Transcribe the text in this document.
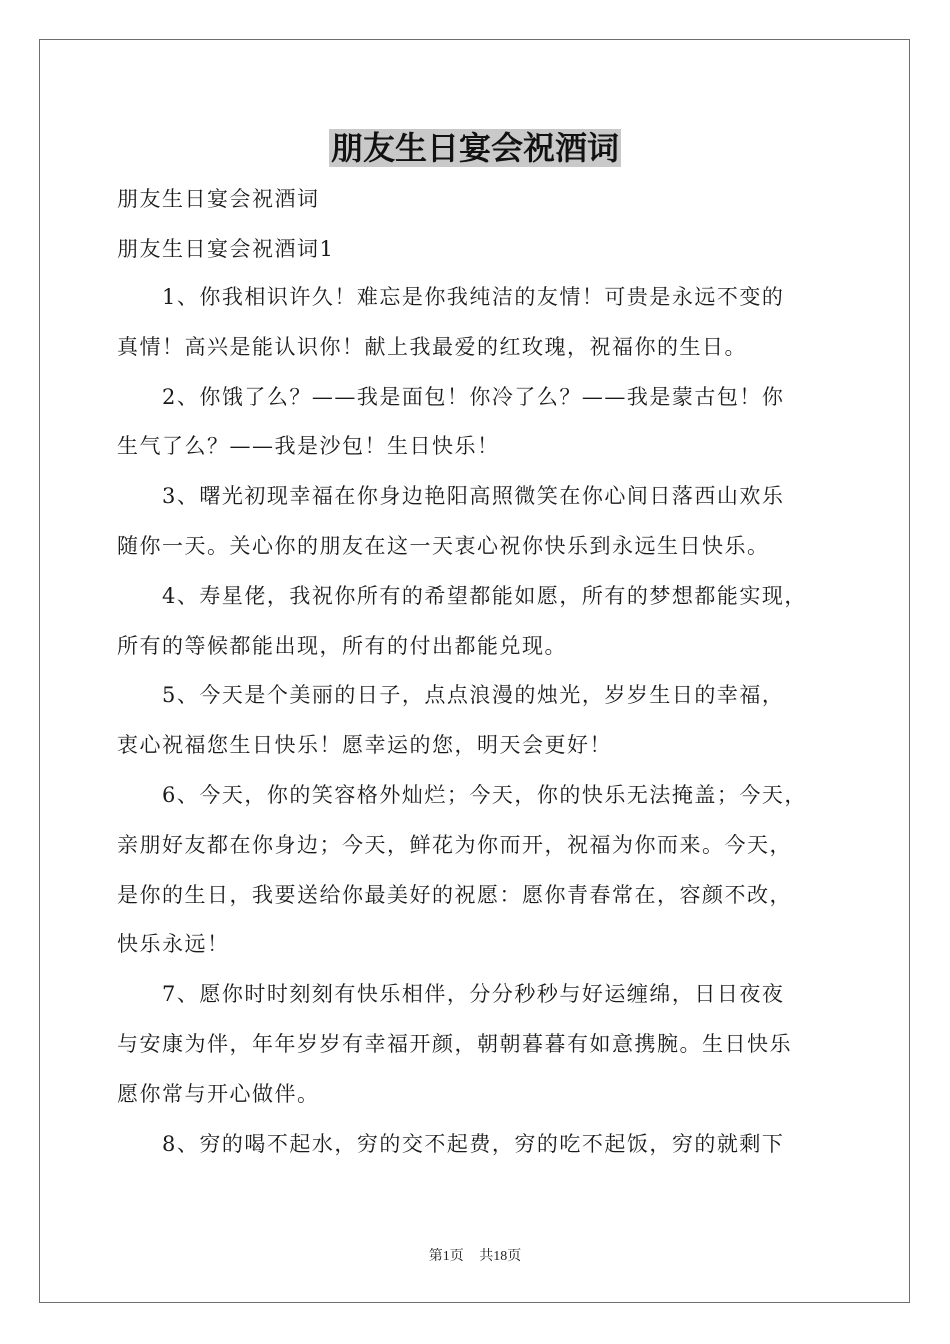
朋友生日宴会祝酒词
朋友生日宴会祝酒词
朋友生日宴会祝酒词1
　　1、你我相识许久！难忘是你我纯洁的友情！可贵是永远不变的
真情！高兴是能认识你！献上我最爱的红玫瑰，祝福你的生日。
　　2、你饿了么？——我是面包！你冷了么？——我是蒙古包！你
生气了么？——我是沙包！生日快乐！
　　3、曙光初现幸福在你身边艳阳高照微笑在你心间日落西山欢乐
随你一天。关心你的朋友在这一天衷心祝你快乐到永远生日快乐。
　　4、寿星佬，我祝你所有的希望都能如愿，所有的梦想都能实现，
所有的等候都能出现，所有的付出都能兑现。
　　5、今天是个美丽的日子，点点浪漫的烛光，岁岁生日的幸福，
衷心祝福您生日快乐！愿幸运的您，明天会更好！
　　6、今天，你的笑容格外灿烂；今天，你的快乐无法掩盖；今天，
亲朋好友都在你身边；今天，鲜花为你而开，祝福为你而来。今天，
是你的生日，我要送给你最美好的祝愿：愿你青春常在，容颜不改，
快乐永远！
　　7、愿你时时刻刻有快乐相伴，分分秒秒与好运缠绵，日日夜夜
与安康为伴，年年岁岁有幸福开颜，朝朝暮暮有如意携腕。生日快乐
愿你常与开心做伴。
　　8、穷的喝不起水，穷的交不起费，穷的吃不起饭，穷的就剩下
第1页 共18页
